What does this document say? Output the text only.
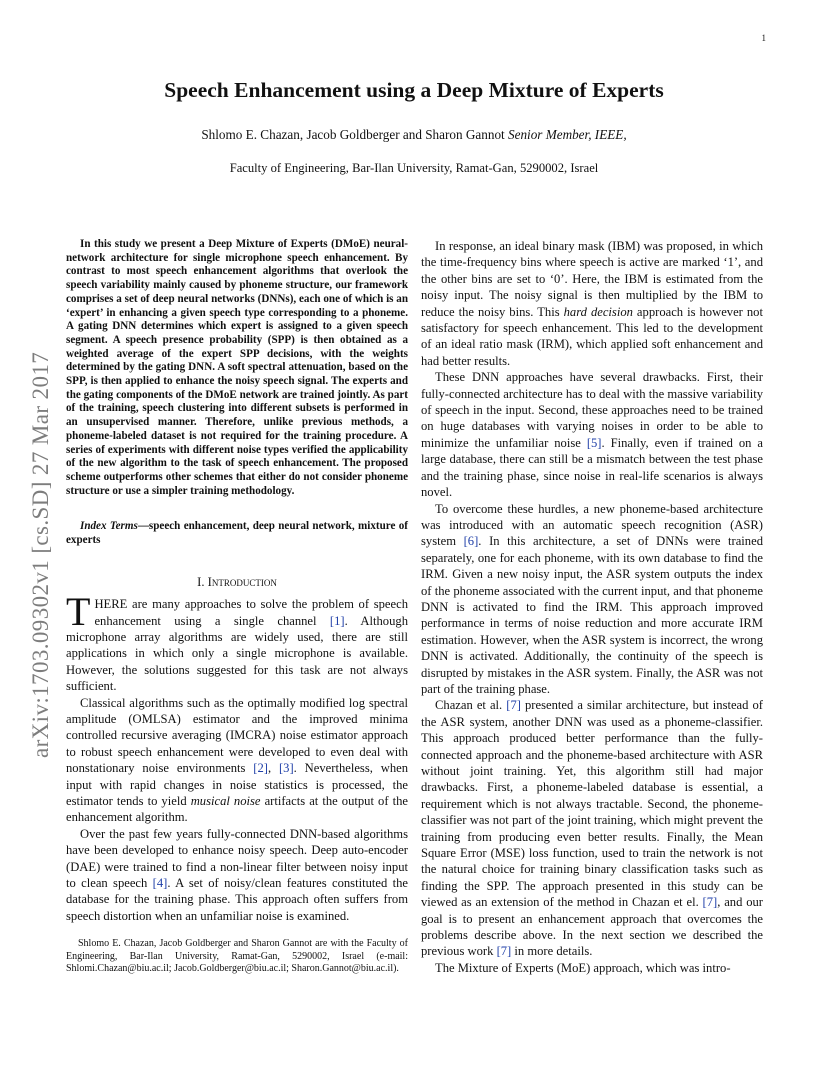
1
Speech Enhancement using a Deep Mixture of Experts
Shlomo E. Chazan, Jacob Goldberger and Sharon Gannot Senior Member, IEEE,
Faculty of Engineering, Bar-Ilan University, Ramat-Gan, 5290002, Israel
arXiv:1703.09302v1 [cs.SD] 27 Mar 2017

In this study we present a Deep Mixture of Experts (DMoE) neural-network architecture for single microphone speech enhancement. By contrast to most speech enhancement algorithms that overlook the speech variability mainly caused by phoneme structure, our framework comprises a set of deep neural networks (DNNs), each one of which is an ‘expert’ in enhancing a given speech type corresponding to a phoneme. A gating DNN determines which expert is assigned to a given speech segment. A speech presence probability (SPP) is then obtained as a weighted average of the expert SPP decisions, with the weights determined by the gating DNN. A soft spectral attenuation, based on the SPP, is then applied to enhance the noisy speech signal. The experts and the gating components of the DMoE network are trained jointly. As part of the training, speech clustering into different subsets is performed in an unsupervised manner. Therefore, unlike previous methods, a phoneme-labeled dataset is not required for the training procedure. A series of experiments with different noise types verified the applicability of the new algorithm to the task of speech enhancement. The proposed scheme outperforms other schemes that either do not consider phoneme structure or use a simpler training methodology.

Index Terms—speech enhancement, deep neural network, mixture of experts

I. Introduction

THERE are many approaches to solve the problem of speech enhancement using a single channel [1]. Although microphone array algorithms are widely used, there are still applications in which only a single microphone is available. However, the solutions suggested for this task are not always sufficient.

Classical algorithms such as the optimally modified log spectral amplitude (OMLSA) estimator and the improved minima controlled recursive averaging (IMCRA) noise estimator approach to robust speech enhancement were developed to even deal with nonstationary noise environments [2], [3]. Nevertheless, when input with rapid changes in noise statistics is processed, the estimator tends to yield musical noise artifacts at the output of the enhancement algorithm.

Over the past few years fully-connected DNN-based algorithms have been developed to enhance noisy speech. Deep auto-encoder (DAE) were trained to find a non-linear filter between noisy input to clean speech [4]. A set of noisy/clean features constituted the database for the training phase. This approach often suffers from speech distortion when an unfamiliar noise is examined.

Shlomo E. Chazan, Jacob Goldberger and Sharon Gannot are with the Faculty of Engineering, Bar-Ilan University, Ramat-Gan, 5290002, Israel (e-mail: Shlomi.Chazan@biu.ac.il; Jacob.Goldberger@biu.ac.il; Sharon.Gannot@biu.ac.il).

In response, an ideal binary mask (IBM) was proposed, in which the time-frequency bins where speech is active are marked ‘1’, and the other bins are set to ‘0’. Here, the IBM is estimated from the noisy input. The noisy signal is then multiplied by the IBM to reduce the noisy bins. This hard decision approach is however not satisfactory for speech enhancement. This led to the development of an ideal ratio mask (IRM), which applied soft enhancement and had better results.

These DNN approaches have several drawbacks. First, their fully-connected architecture has to deal with the massive variability of speech in the input. Second, these approaches need to be trained on huge databases with varying noises in order to be able to minimize the unfamiliar noise [5]. Finally, even if trained on a large database, there can still be a mismatch between the test phase and the training phase, since noise in real-life scenarios is always novel.

To overcome these hurdles, a new phoneme-based architecture was introduced with an automatic speech recognition (ASR) system [6]. In this architecture, a set of DNNs were trained separately, one for each phoneme, with its own database to find the IRM. Given a new noisy input, the ASR system outputs the index of the phoneme associated with the current input, and that phoneme DNN is activated to find the IRM. This approach improved performance in terms of noise reduction and more accurate IRM estimation. However, when the ASR system is incorrect, the wrong DNN is activated. Additionally, the continuity of the speech is disrupted by mistakes in the ASR system. Finally, the ASR was not part of the training phase.

Chazan et al. [7] presented a similar architecture, but instead of the ASR system, another DNN was used as a phoneme-classifier. This approach produced better performance than the fully-connected approach and the phoneme-based architecture with ASR without joint training. Yet, this algorithm still had major drawbacks. First, a phoneme-labeled database is essential, a requirement which is not always tractable. Second, the phoneme-classifier was not part of the joint training, which might prevent the training from producing even better results. Finally, the Mean Square Error (MSE) loss function, used to train the network is not the natural choice for training binary classification tasks such as finding the SPP. The approach presented in this study can be viewed as an extension of the method in Chazan et el. [7], and our goal is to present an enhancement approach that overcomes the problems describe above. In the next section we described the previous work [7] in more details.

The Mixture of Experts (MoE) approach, which was intro-
